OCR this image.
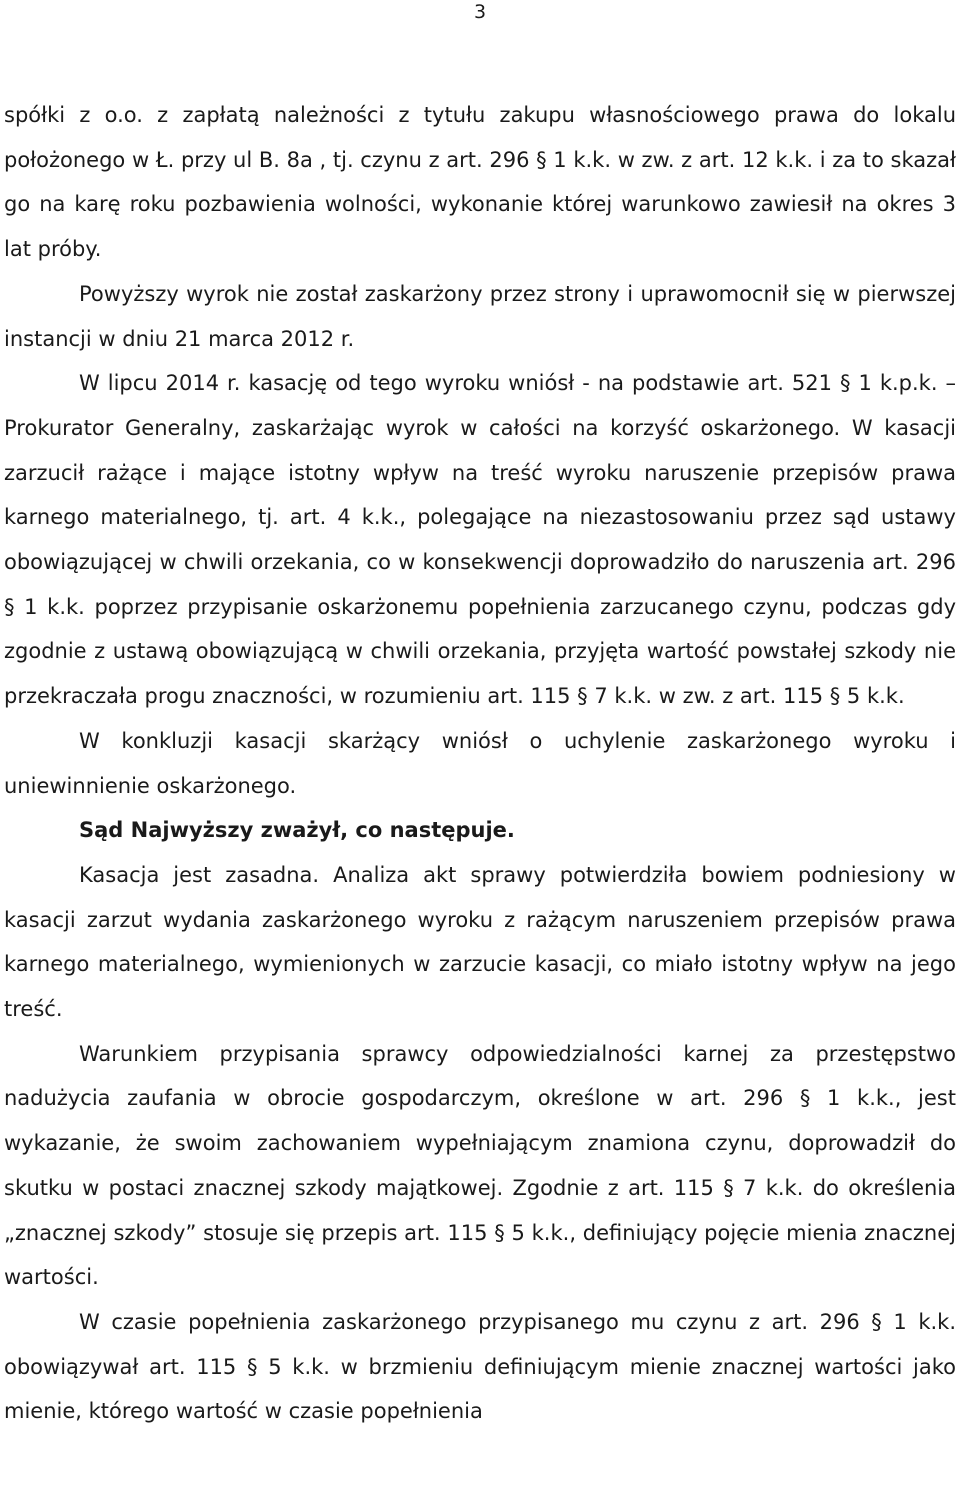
3

spółki z o.o. z zapłatą należności z tytułu zakupu własnościowego prawa do lokalu położonego w Ł. przy ul B. 8a , tj. czynu z art. 296 § 1 k.k. w zw. z art. 12 k.k. i za to skazał go na karę roku pozbawienia wolności, wykonanie której warunkowo zawiesił na okres 3 lat próby.

Powyższy wyrok nie został zaskarżony przez strony i uprawomocnił się w pierwszej instancji w dniu 21 marca 2012 r.

W lipcu 2014 r. kasację od tego wyroku wniósł - na podstawie art. 521 § 1 k.p.k. – Prokurator Generalny, zaskarżając wyrok w całości na korzyść oskarżonego. W kasacji zarzucił rażące i mające istotny wpływ na treść wyroku naruszenie przepisów prawa karnego materialnego, tj. art. 4 k.k., polegające na niezastosowaniu przez sąd ustawy obowiązującej w chwili orzekania, co w konsekwencji doprowadziło do naruszenia art. 296 § 1 k.k. poprzez przypisanie oskarżonemu popełnienia zarzucanego czynu, podczas gdy zgodnie z ustawą obowiązującą w chwili orzekania, przyjęta wartość powstałej szkody nie przekraczała progu znaczności, w rozumieniu art. 115 § 7 k.k. w zw. z art. 115 § 5 k.k.

W konkluzji kasacji skarżący wniósł o uchylenie zaskarżonego wyroku i uniewinnienie oskarżonego.

Sąd Najwyższy zważył, co następuje.

Kasacja jest zasadna. Analiza akt sprawy potwierdziła bowiem podniesiony w kasacji zarzut wydania zaskarżonego wyroku z rażącym naruszeniem przepisów prawa karnego materialnego, wymienionych w zarzucie kasacji, co miało istotny wpływ na jego treść.

Warunkiem przypisania sprawcy odpowiedzialności karnej za przestępstwo nadużycia zaufania w obrocie gospodarczym, określone w art. 296 § 1 k.k., jest wykazanie, że swoim zachowaniem wypełniającym znamiona czynu, doprowadził do skutku w postaci znacznej szkody majątkowej. Zgodnie z art. 115 § 7 k.k. do określenia „znacznej szkody” stosuje się przepis art. 115 § 5 k.k., definiujący pojęcie mienia znacznej wartości.

W czasie popełnienia zaskarżonego przypisanego mu czynu z art. 296 § 1 k.k. obowiązywał art. 115 § 5 k.k. w brzmieniu definiującym mienie znacznej wartości jako mienie, którego wartość w czasie popełnienia
